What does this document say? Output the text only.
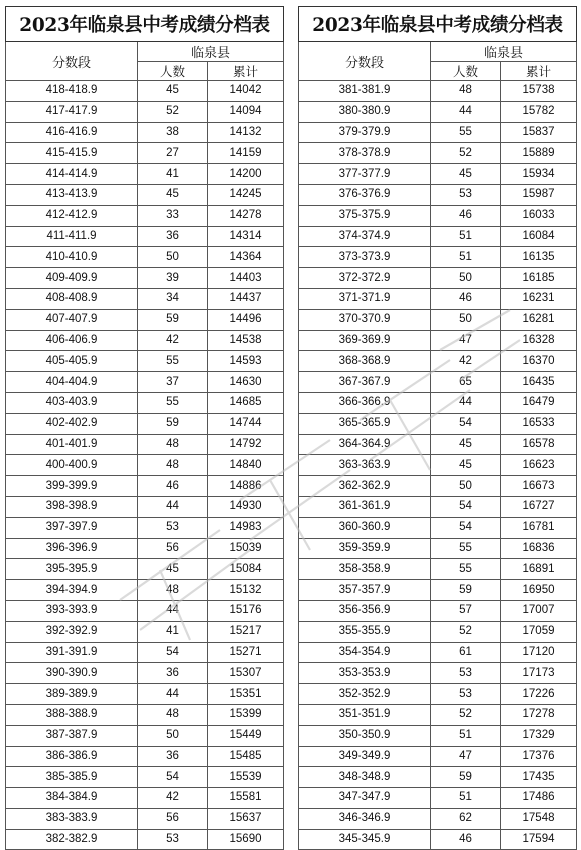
2023年临泉县中考成绩分档表		
分数段	临泉县	
	人数	累计
418-418.9	45	14042
417-417.9	52	14094
416-416.9	38	14132
415-415.9	27	14159
414-414.9	41	14200
413-413.9	45	14245
412-412.9	33	14278
411-411.9	36	14314
410-410.9	50	14364
409-409.9	39	14403
408-408.9	34	14437
407-407.9	59	14496
406-406.9	42	14538
405-405.9	55	14593
404-404.9	37	14630
403-403.9	55	14685
402-402.9	59	14744
401-401.9	48	14792
400-400.9	48	14840
399-399.9	46	14886
398-398.9	44	14930
397-397.9	53	14983
396-396.9	56	15039
395-395.9	45	15084
394-394.9	48	15132
393-393.9	44	15176
392-392.9	41	15217
391-391.9	54	15271
390-390.9	36	15307
389-389.9	44	15351
388-388.9	48	15399
387-387.9	50	15449
386-386.9	36	15485
385-385.9	54	15539
384-384.9	42	15581
383-383.9	56	15637
382-382.9	53	15690
2023年临泉县中考成绩分档表		
分数段	临泉县	
	人数	累计
381-381.9	48	15738
380-380.9	44	15782
379-379.9	55	15837
378-378.9	52	15889
377-377.9	45	15934
376-376.9	53	15987
375-375.9	46	16033
374-374.9	51	16084
373-373.9	51	16135
372-372.9	50	16185
371-371.9	46	16231
370-370.9	50	16281
369-369.9	47	16328
368-368.9	42	16370
367-367.9	65	16435
366-366.9	44	16479
365-365.9	54	16533
364-364.9	45	16578
363-363.9	45	16623
362-362.9	50	16673
361-361.9	54	16727
360-360.9	54	16781
359-359.9	55	16836
358-358.9	55	16891
357-357.9	59	16950
356-356.9	57	17007
355-355.9	52	17059
354-354.9	61	17120
353-353.9	53	17173
352-352.9	53	17226
351-351.9	52	17278
350-350.9	51	17329
349-349.9	47	17376
348-348.9	59	17435
347-347.9	51	17486
346-346.9	62	17548
345-345.9	46	17594
